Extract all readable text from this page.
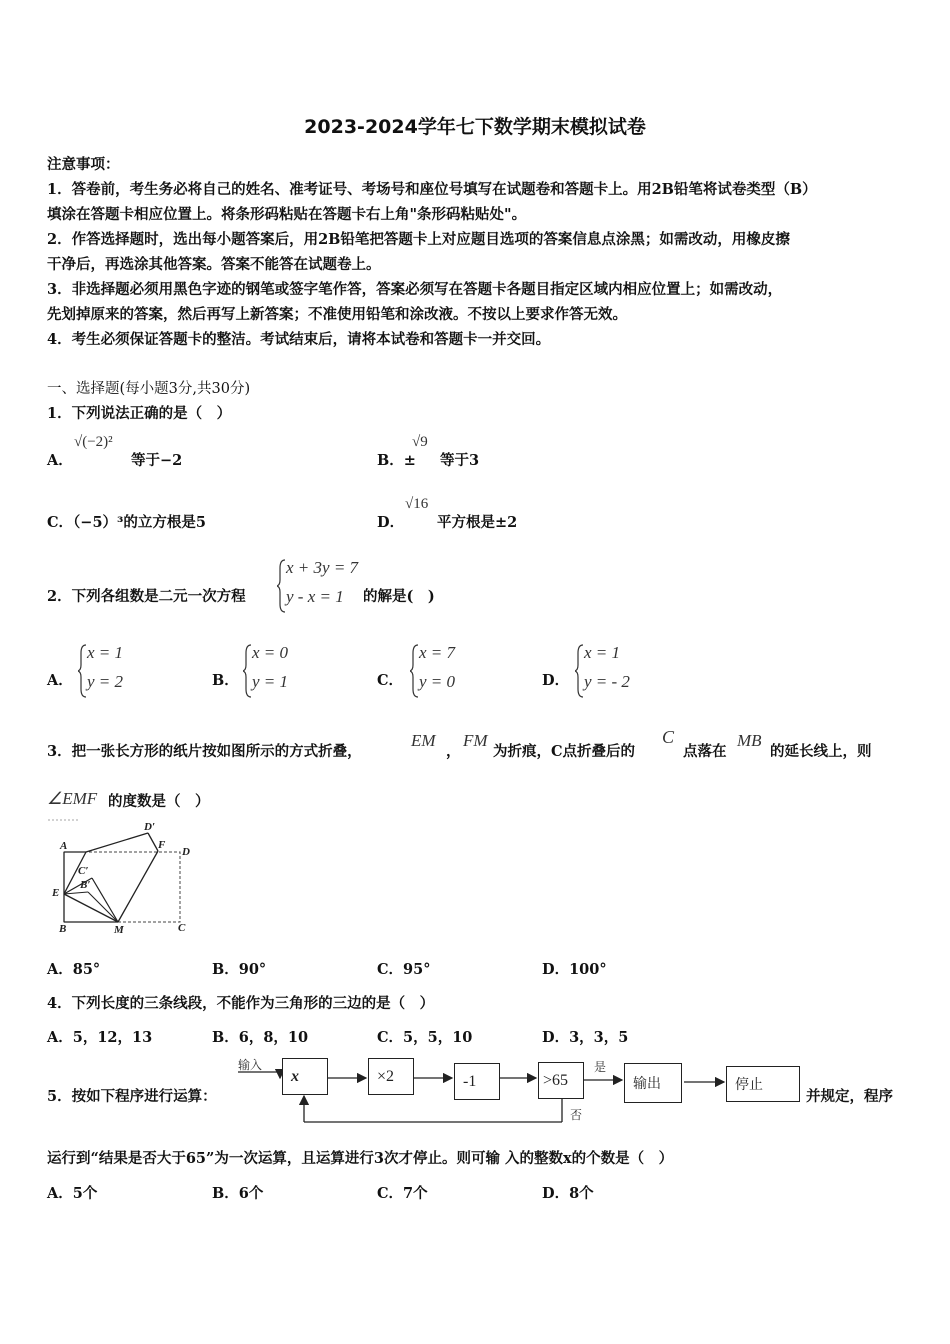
2023-2024学年七下数学期末模拟试卷
注意事项：
1．答卷前，考生务必将自己的姓名、准考证号、考场号和座位号填写在试题卷和答题卡上。用2B铅笔将试卷类型（B）
填涂在答题卡相应位置上。将条形码粘贴在答题卡右上角"条形码粘贴处"。
2．作答选择题时，选出每小题答案后，用2B铅笔把答题卡上对应题目选项的答案信息点涂黑；如需改动，用橡皮擦
干净后，再选涂其他答案。答案不能答在试题卷上。
3．非选择题必须用黑色字迹的钢笔或签字笔作答，答案必须写在答题卡各题目指定区域内相应位置上；如需改动，
先划掉原来的答案，然后再写上新答案；不准使用铅笔和涂改液。不按以上要求作答无效。
4．考生必须保证答题卡的整洁。考试结束后，请将本试卷和答题卡一并交回。
一、选择题(每小题3分,共30分)
1．下列说法正确的是（　）
A．
√(−2)²
等于−2	B．±
√9
等于3
C．（−5）³的立方根是5	D．
√16
平方根是±2
2．下列各组数是二元一次方程
x + 3y = 7
y - x = 1 的解是(　)
A．
x = 1
y = 2	B．
x = 0
y = 1	C．
x = 7
y = 0	D．
x = 1
y = - 2
3．把一张长方形的纸片按如图所示的方式折叠，
EM
，
FM
为折痕，C点折叠后的
C
点落在
MB
的延长线上，则
∠EMF 的度数是（　）
A
D′
F
D
C′
B′
E
B	M	C
A．85°	B．90°	C．95°	D．100°
4．下列长度的三条线段，不能作为三角形的三边的是（　）
A．5，12，13	B．6，8，10	C．5，5，10	D．3，3，5
5．按如下程序进行运算：
输入
x	×2	-1	>65
是
否
输出	停止
并规定，程序
运行到“结果是否大于65”为一次运算，且运算进行3次才停止。则可输 入的整数x的个数是（　）
A．5个	B．6个	C．7个	D．8个
